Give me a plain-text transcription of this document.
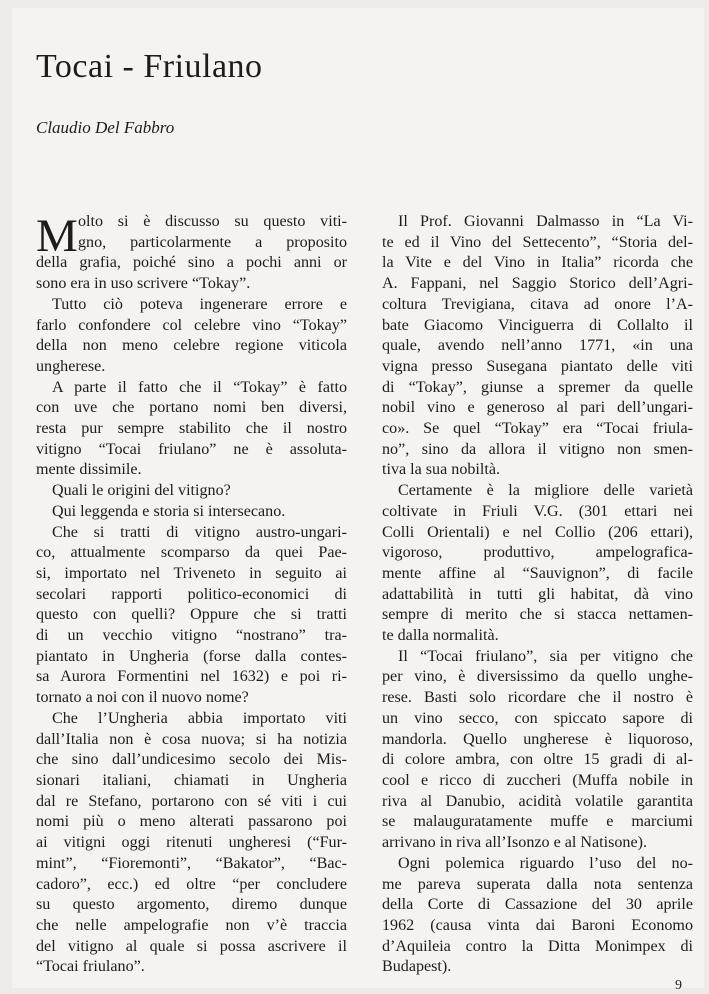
Tocai - Friulano
Claudio Del Fabbro
M olto si è discusso su questo viti-
gno, particolarmente a proposito
della grafia, poiché sino a pochi anni or
sono era in uso scrivere “Tokay”.
Tutto ciò poteva ingenerare errore e
farlo confondere col celebre vino “Tokay”
della non meno celebre regione viticola
ungherese.
A parte il fatto che il “Tokay” è fatto
con uve che portano nomi ben diversi,
resta pur sempre stabilito che il nostro
vitigno “Tocai friulano” ne è assoluta-
mente dissimile.
Quali le origini del vitigno?
Qui leggenda e storia si intersecano.
Che si tratti di vitigno austro-ungari-
co, attualmente scomparso da quei Pae-
si, importato nel Triveneto in seguito ai
secolari rapporti politico-economici di
questo con quelli? Oppure che si tratti
di un vecchio vitigno “nostrano” tra-
piantato in Ungheria (forse dalla contes-
sa Aurora Formentini nel 1632) e poi ri-
tornato a noi con il nuovo nome?
Che l’Ungheria abbia importato viti
dall’Italia non è cosa nuova; si ha notizia
che sino dall’undicesimo secolo dei Mis-
sionari italiani, chiamati in Ungheria
dal re Stefano, portarono con sé viti i cui
nomi più o meno alterati passarono poi
ai vitigni oggi ritenuti ungheresi (“Fur-
mint”, “Fioremonti”, “Bakator”, “Bac-
cadoro”, ecc.) ed oltre “per concludere
su questo argomento, diremo dunque
che nelle ampelografie non v’è traccia
del vitigno al quale si possa ascrivere il
“Tocai friulano”.
Il Prof. Giovanni Dalmasso in “La Vi-
te ed il Vino del Settecento”, “Storia del-
la Vite e del Vino in Italia” ricorda che
A. Fappani, nel Saggio Storico dell’Agri-
coltura Trevigiana, citava ad onore l’A-
bate Giacomo Vinciguerra di Collalto il
quale, avendo nell’anno 1771, «in una
vigna presso Susegana piantato delle viti
di “Tokay”, giunse a spremer da quelle
nobil vino e generoso al pari dell’ungari-
co». Se quel “Tokay” era “Tocai friula-
no”, sino da allora il vitigno non smen-
tiva la sua nobiltà.
Certamente è la migliore delle varietà
coltivate in Friuli V.G. (301 ettari nei
Colli Orientali) e nel Collio (206 ettari),
vigoroso, produttivo, ampelografica-
mente affine al “Sauvignon”, di facile
adattabilità in tutti gli habitat, dà vino
sempre di merito che si stacca nettamen-
te dalla normalità.
Il “Tocai friulano”, sia per vitigno che
per vino, è diversissimo da quello unghe-
rese. Basti solo ricordare che il nostro è
un vino secco, con spiccato sapore di
mandorla. Quello ungherese è liquoroso,
di colore ambra, con oltre 15 gradi di al-
cool e ricco di zuccheri (Muffa nobile in
riva al Danubio, acidità volatile garantita
se malauguratamente muffe e marciumi
arrivano in riva all’Isonzo e al Natisone).
Ogni polemica riguardo l’uso del no-
me pareva superata dalla nota sentenza
della Corte di Cassazione del 30 aprile
1962 (causa vinta dai Baroni Economo
d’Aquileia contro la Ditta Monimpex di
Budapest).
9
